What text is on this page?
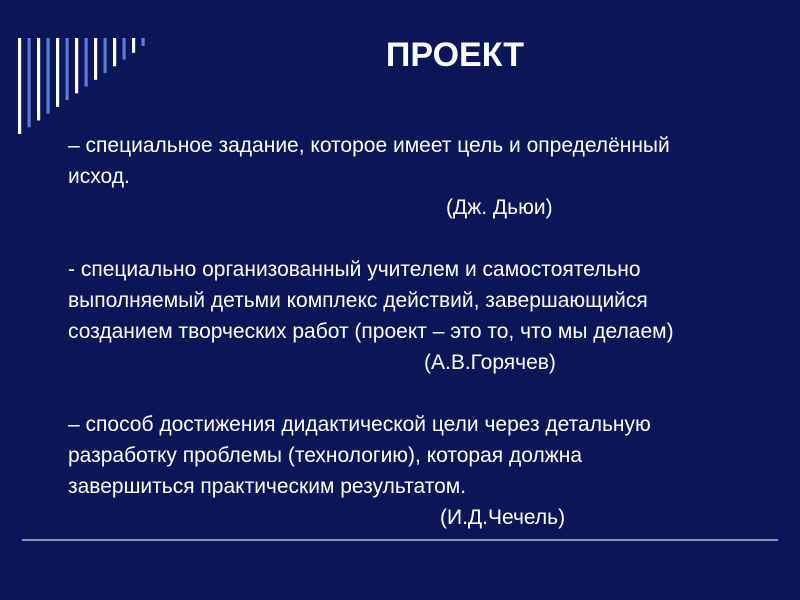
ПРОЕКТ
– специальное задание, которое имеет цель и определённый
исход.
(Дж. Дьюи)
- специально организованный учителем и самостоятельно
выполняемый детьми комплекс действий, завершающийся
созданием творческих работ (проект – это то, что мы делаем)
(А.В.Горячев)
– способ достижения дидактической цели через детальную
разработку проблемы (технологию), которая должна
завершиться практическим результатом.
(И.Д.Чечель)
